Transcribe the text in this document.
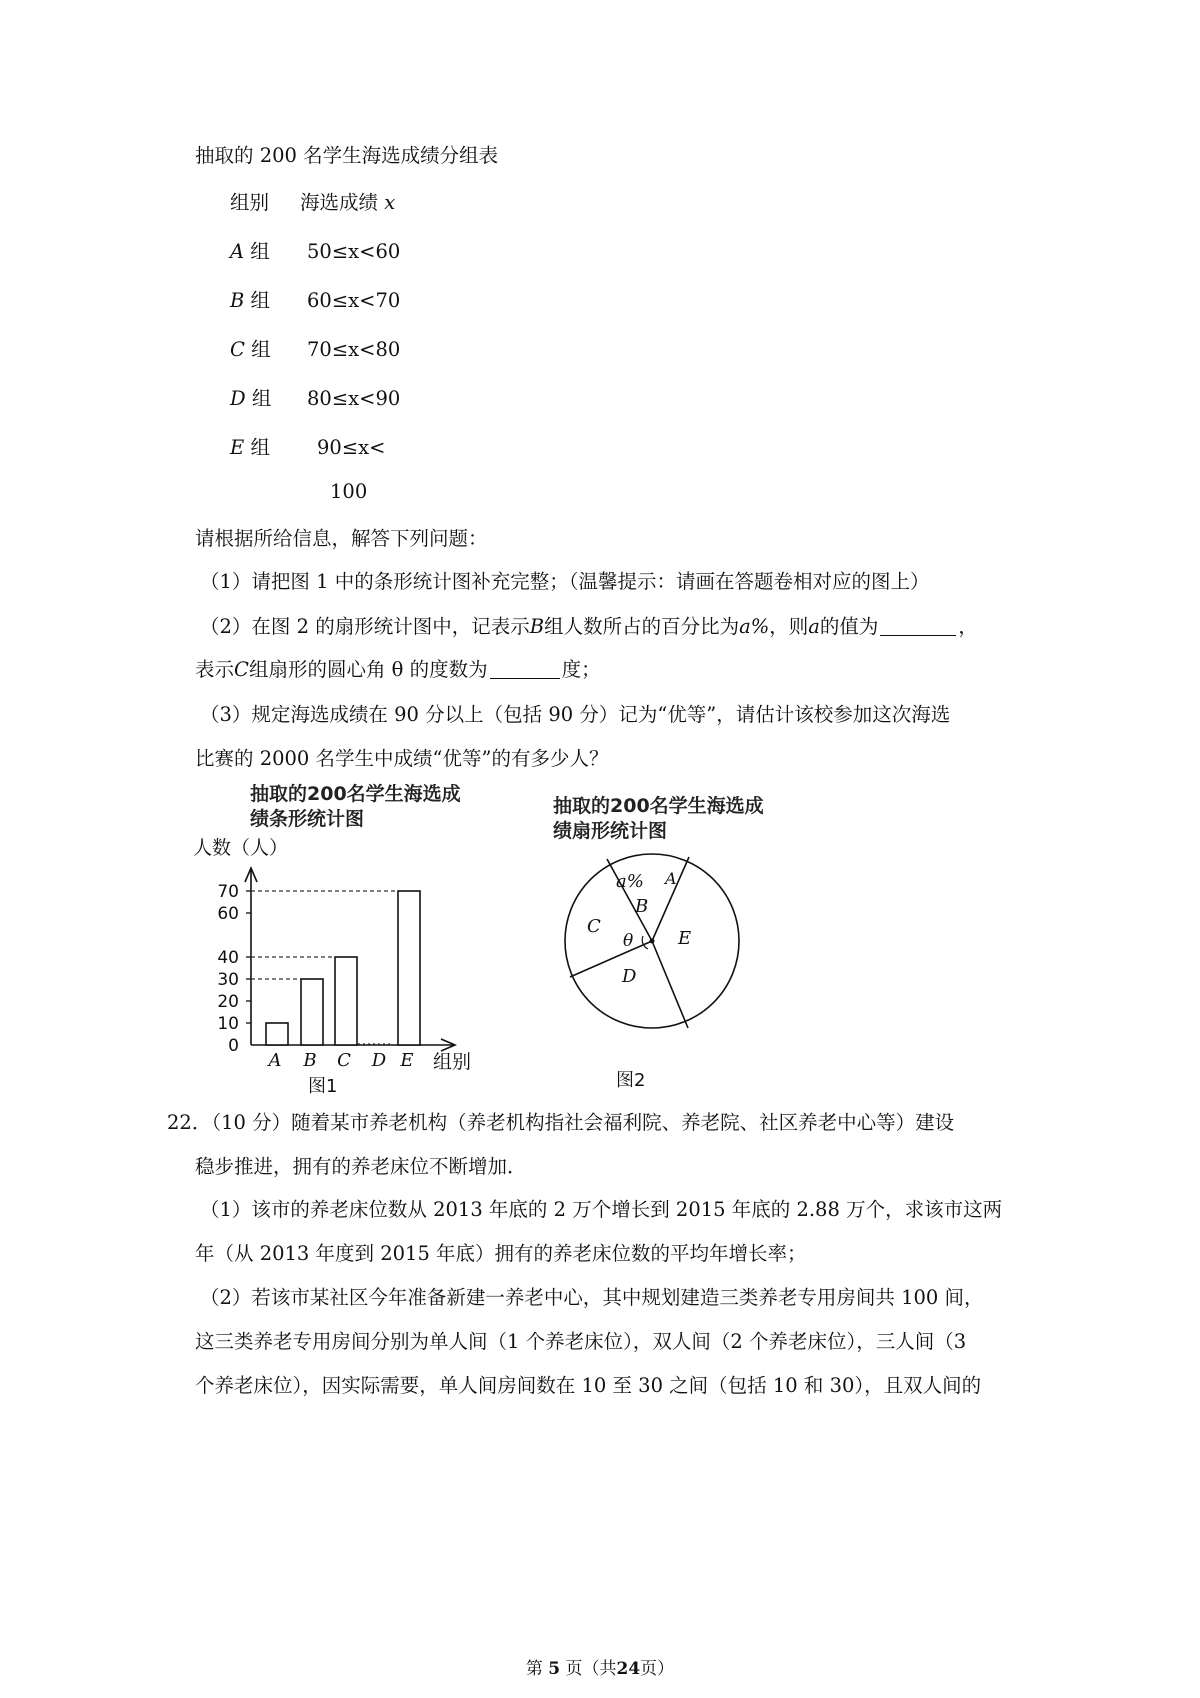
抽取的 200 名学生海选成绩分组表
组别 海选成绩 x
A 组 50≤x<60
B 组 60≤x<70
C 组 70≤x<80
D 组 80≤x<90
E 组 90≤x<
100
请根据所给信息，解答下列问题：
（1）请把图 1 中的条形统计图补充完整；（温馨提示：请画在答题卷相对应的图上）
（2）在图 2 的扇形统计图中，记表示B组人数所占的百分比为a%，则a的值为	，
表示C组扇形的圆心角 θ 的度数为	度；
（3）规定海选成绩在 90 分以上（包括 90 分）记为“优等”，请估计该校参加这次海选
比赛的 2000 名学生中成绩“优等”的有多少人？
抽取的200名学生海选成
绩条形统计图
人数（人）
组别
0
10
20
30
40
60
70
A B C D E
图1
抽取的200名学生海选成
绩扇形统计图
a% A
B
C
θ E
D
图2
22．（10 分）随着某市养老机构（养老机构指社会福利院、养老院、社区养老中心等）建设
稳步推进，拥有的养老床位不断增加．
（1）该市的养老床位数从 2013 年底的 2 万个增长到 2015 年底的 2.88 万个，求该市这两
年（从 2013 年度到 2015 年底）拥有的养老床位数的平均年增长率；
（2）若该市某社区今年准备新建一养老中心，其中规划建造三类养老专用房间共 100 间，
这三类养老专用房间分别为单人间（1 个养老床位），双人间（2 个养老床位），三人间（3
个养老床位），因实际需要，单人间房间数在 10 至 30 之间（包括 10 和 30），且双人间的
第 5 页（共24页）
